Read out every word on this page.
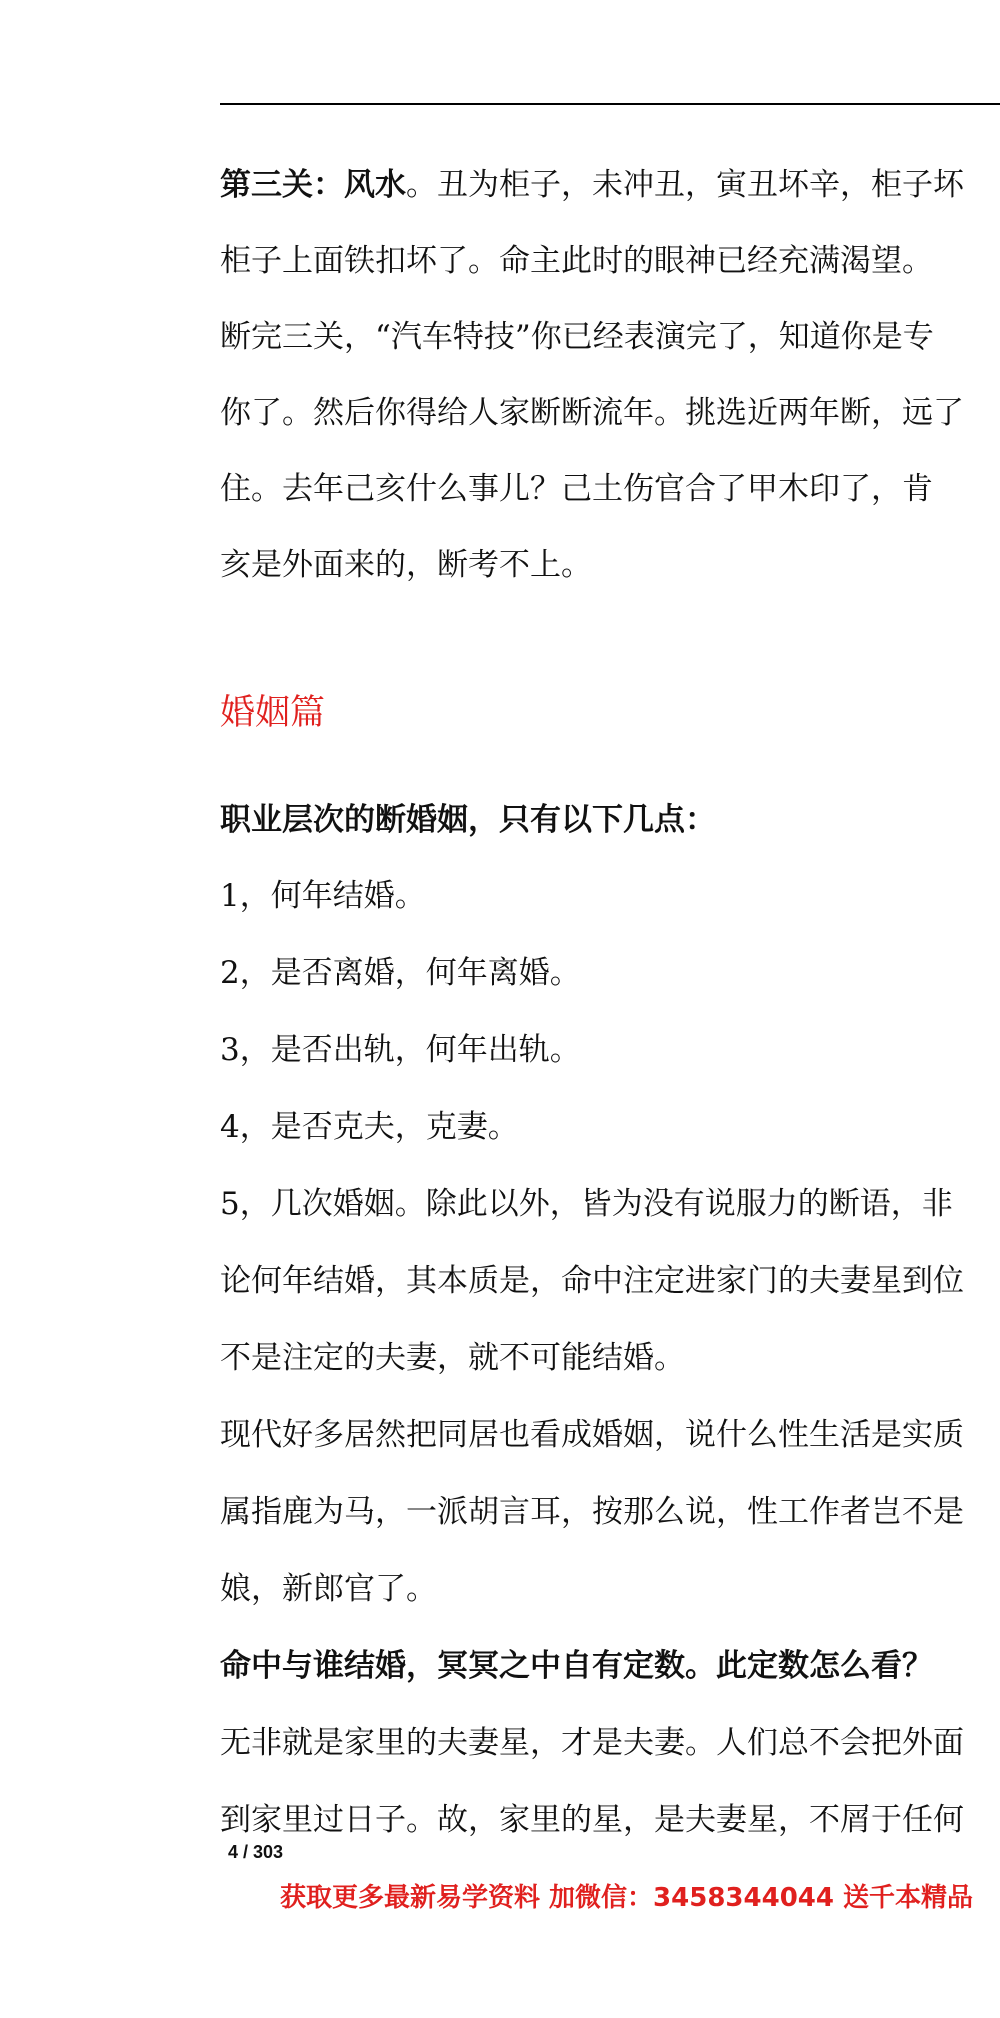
第三关：风水。丑为柜子，未冲丑，寅丑坏辛，柜子坏
柜子上面铁扣坏了。命主此时的眼神已经充满渴望。
断完三关，“汽车特技”你已经表演完了，知道你是专
你了。然后你得给人家断断流年。挑选近两年断，远了
住。去年己亥什么事儿？己土伤官合了甲木印了，肯
亥是外面来的，断考不上。
婚姻篇
职业层次的断婚姻，只有以下几点：
1，何年结婚。
2，是否离婚，何年离婚。
3，是否出轨，何年出轨。
4，是否克夫，克妻。
5，几次婚姻。除此以外，皆为没有说服力的断语，非
论何年结婚，其本质是，命中注定进家门的夫妻星到位
不是注定的夫妻，就不可能结婚。
现代好多居然把同居也看成婚姻，说什么性生活是实质
属指鹿为马，一派胡言耳，按那么说，性工作者岂不是
娘，新郎官了。
命中与谁结婚，冥冥之中自有定数。此定数怎么看？
无非就是家里的夫妻星，才是夫妻。人们总不会把外面
到家里过日子。故，家里的星，是夫妻星，不屑于任何
4 / 303
获取更多最新易学资料 加微信：3458344044 送千本精品
